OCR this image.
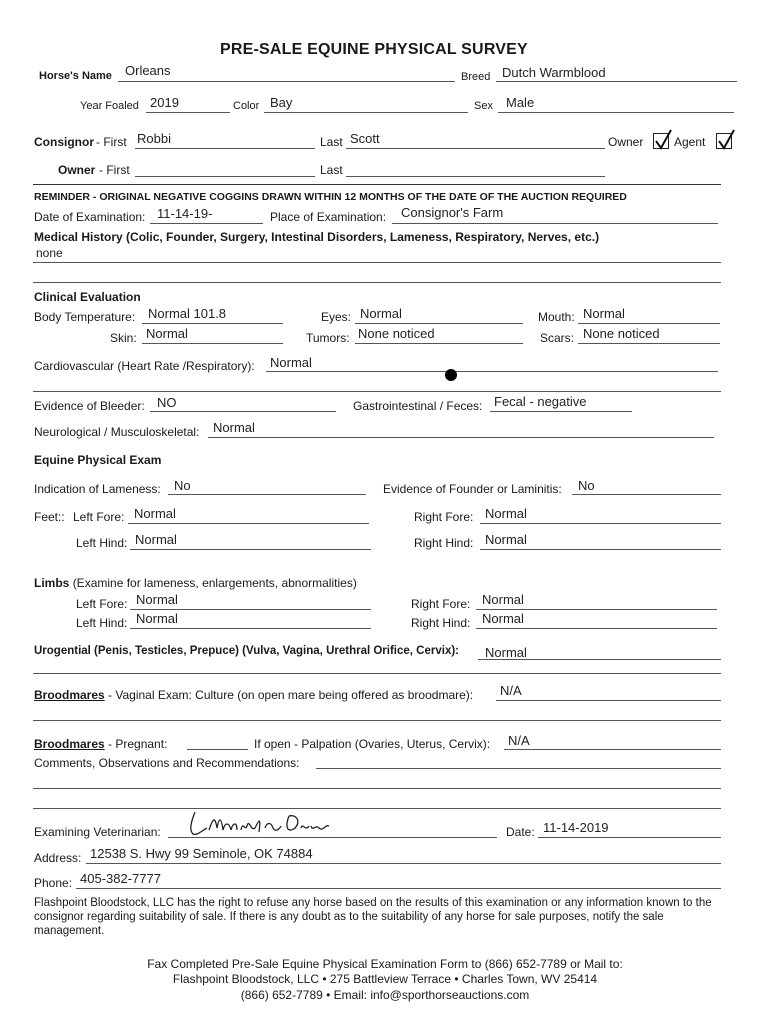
PRE-SALE EQUINE PHYSICAL SURVEY
Horse's Name Orleans	Breed Dutch Warmblood
Year Foaled 2019	Color Bay	Sex Male
Consignor - First Robbi	Last Scott	Owner	Agent
Owner - First	Last
REMINDER - ORIGINAL NEGATIVE COGGINS DRAWN WITHIN 12 MONTHS OF THE DATE OF THE AUCTION REQUIRED
Date of Examination: 11-14-19-	Place of Examination: Consignor's Farm
Medical History (Colic, Founder, Surgery, Intestinal Disorders, Lameness, Respiratory, Nerves, etc.)
none
Clinical Evaluation
Body Temperature: Normal 101.8	Eyes: Normal	Mouth: Normal
Skin: Normal	Tumors: None noticed	Scars: None noticed
Cardiovascular (Heart Rate /Respiratory): Normal
Evidence of Bleeder: NO	Gastrointestinal / Feces: Fecal - negative
Neurological / Musculoskeletal: Normal
Equine Physical Exam
Indication of Lameness: No	Evidence of Founder or Laminitis: No
Feet:: Left Fore: Normal	Right Fore: Normal
Left Hind: Normal	Right Hind: Normal
Limbs (Examine for lameness, enlargements, abnormalities)
Left Fore: Normal	Right Fore: Normal
Left Hind: Normal	Right Hind: Normal
Urogential (Penis, Testicles, Prepuce) (Vulva, Vagina, Urethral Orifice, Cervix): Normal
Broodmares - Vaginal Exam: Culture (on open mare being offered as broodmare): N/A
Broodmares - Pregnant:	If open - Palpation (Ovaries, Uterus, Cervix): N/A
Comments, Observations and Recommendations:
Examining Veterinarian:	Date: 11-14-2019
Address: 12538 S. Hwy 99 Seminole, OK 74884
Phone: 405-382-7777
Flashpoint Bloodstock, LLC has the right to refuse any horse based on the results of this examination or any information known to the consignor regarding suitability of sale. If there is any doubt as to the suitability of any horse for sale purposes, notify the sale management.
Fax Completed Pre-Sale Equine Physical Examination Form to (866) 652-7789 or Mail to:
Flashpoint Bloodstock, LLC • 275 Battleview Terrace • Charles Town, WV 25414
(866) 652-7789 • Email: info@sporthorseauctions.com
